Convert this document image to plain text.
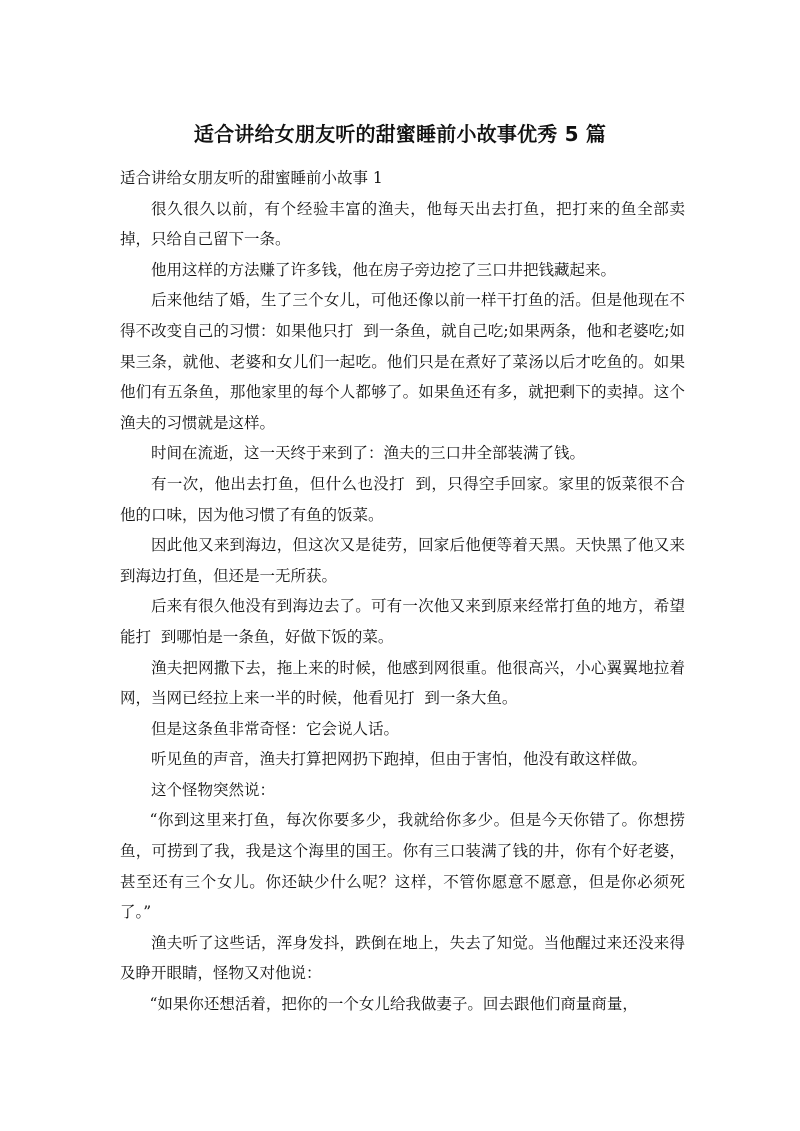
适合讲给女朋友听的甜蜜睡前小故事优秀 5 篇

适合讲给女朋友听的甜蜜睡前小故事 1

很久很久以前，有个经验丰富的渔夫，他每天出去打鱼，把打来的鱼全部卖掉，只给自己留下一条。

他用这样的方法赚了许多钱，他在房子旁边挖了三口井把钱藏起来。

后来他结了婚，生了三个女儿，可他还像以前一样干打鱼的活。但是他现在不得不改变自己的习惯：如果他只打  到一条鱼，就自己吃;如果两条，他和老婆吃;如果三条，就他、老婆和女儿们一起吃。他们只是在煮好了菜汤以后才吃鱼的。如果他们有五条鱼，那他家里的每个人都够了。如果鱼还有多，就把剩下的卖掉。这个渔夫的习惯就是这样。

时间在流逝，这一天终于来到了：渔夫的三口井全部装满了钱。

有一次，他出去打鱼，但什么也没打  到，只得空手回家。家里的饭菜很不合他的口味，因为他习惯了有鱼的饭菜。

因此他又来到海边，但这次又是徒劳，回家后他便等着天黑。天快黑了他又来到海边打鱼，但还是一无所获。

后来有很久他没有到海边去了。可有一次他又来到原来经常打鱼的地方，希望能打  到哪怕是一条鱼，好做下饭的菜。

渔夫把网撒下去，拖上来的时候，他感到网很重。他很高兴，小心翼翼地拉着网，当网已经拉上来一半的时候，他看见打  到一条大鱼。

但是这条鱼非常奇怪：它会说人话。

听见鱼的声音，渔夫打算把网扔下跑掉，但由于害怕，他没有敢这样做。

这个怪物突然说：

“你到这里来打鱼，每次你要多少，我就给你多少。但是今天你错了。你想捞鱼，可捞到了我，我是这个海里的国王。你有三口装满了钱的井，你有个好老婆，甚至还有三个女儿。你还缺少什么呢？这样，不管你愿意不愿意，但是你必须死了。”

渔夫听了这些话，浑身发抖，跌倒在地上，失去了知觉。当他醒过来还没来得及睁开眼睛，怪物又对他说：

“如果你还想活着，把你的一个女儿给我做妻子。回去跟他们商量商量，
